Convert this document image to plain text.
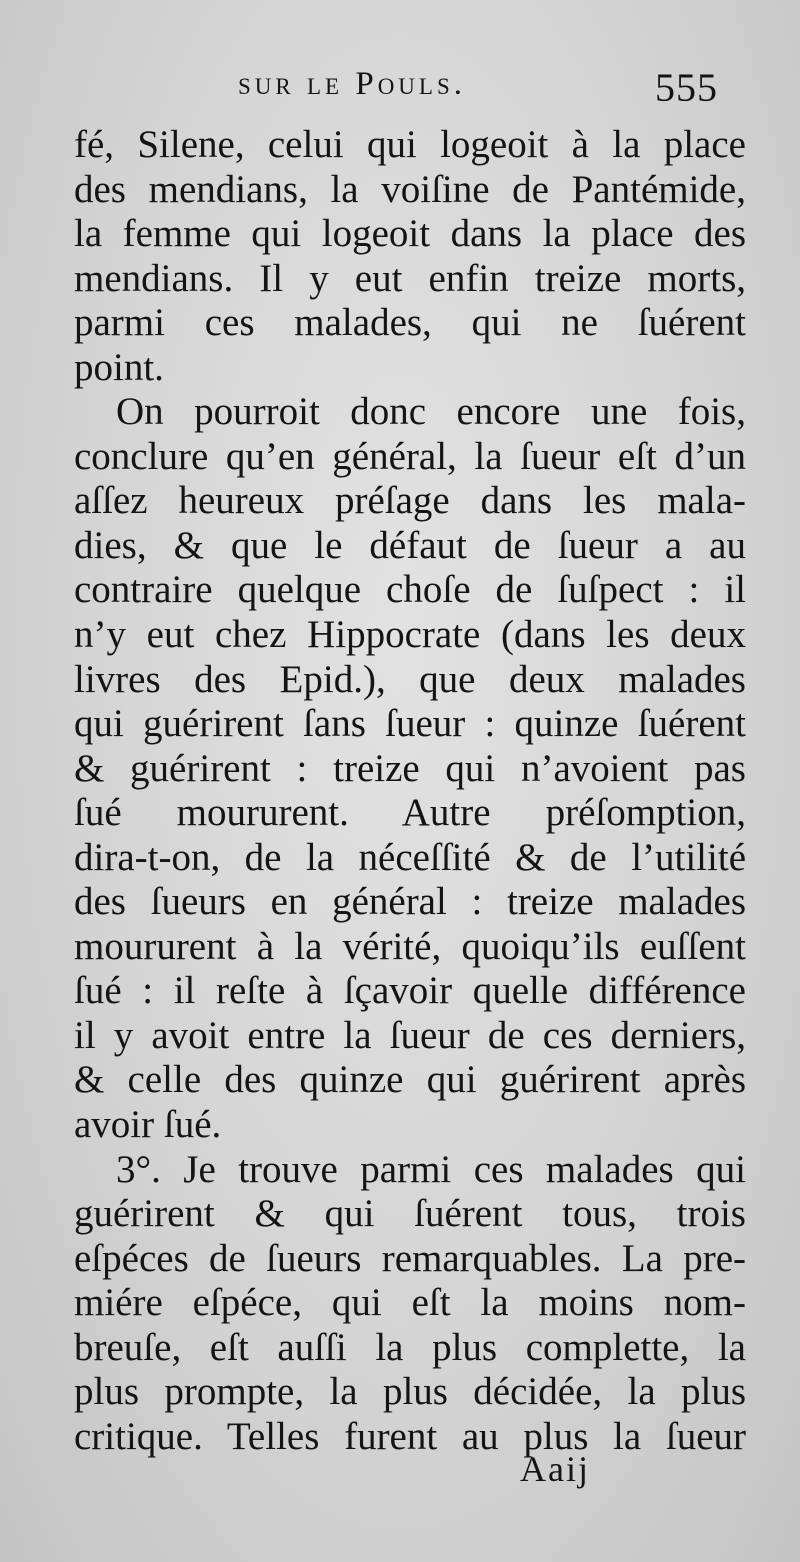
sur le Pouls.	555
fé, Silene, celui qui logeoit à la place
des mendians, la voiſine de Pantémide,
la femme qui logeoit dans la place des
mendians. Il y eut enfin treize morts,
parmi ces malades, qui ne ſuérent
point.
On pourroit donc encore une fois,
conclure qu’en général, la ſueur eſt d’un
aſſez heureux préſage dans les mala-
dies, & que le défaut de ſueur a au
contraire quelque choſe de ſuſpect : il
n’y eut chez Hippocrate (dans les deux
livres des Epid.), que deux malades
qui guérirent ſans ſueur : quinze ſuérent
& guérirent : treize qui n’avoient pas
ſué moururent. Autre préſomption,
dira-t-on, de la néceſſité & de l’utilité
des ſueurs en général : treize malades
moururent à la vérité, quoiqu’ils euſſent
ſué : il reſte à ſçavoir quelle différence
il y avoit entre la ſueur de ces derniers,
& celle des quinze qui guérirent après
avoir ſué.
3°. Je trouve parmi ces malades qui
guérirent & qui ſuérent tous, trois
eſpéces de ſueurs remarquables. La pre-
miére eſpéce, qui eſt la moins nom-
breuſe, eſt auſſi la plus complette, la
plus prompte, la plus décidée, la plus
critique. Telles furent au plus la ſueur
Aaij
